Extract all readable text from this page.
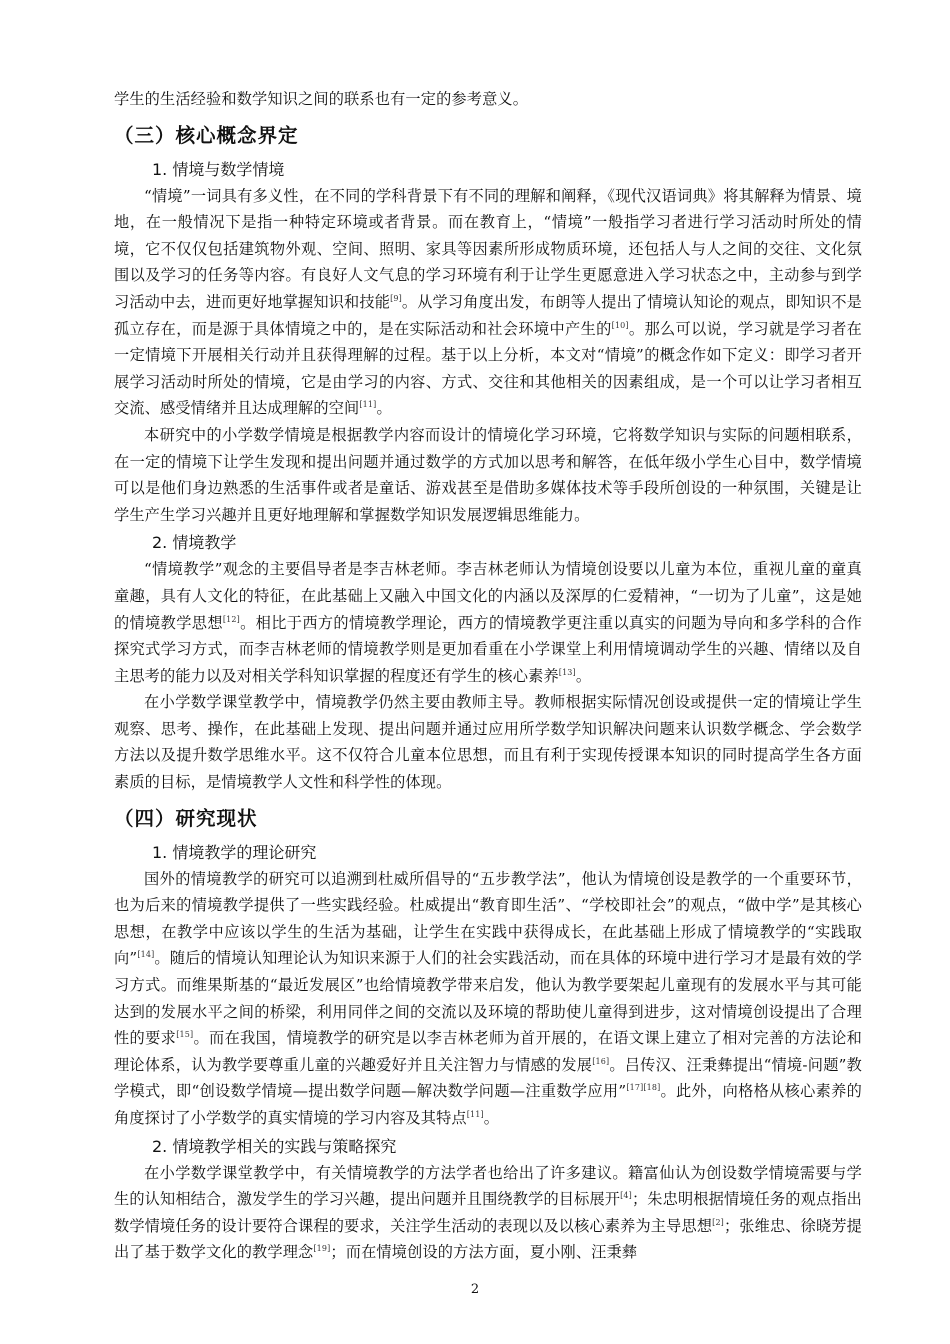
学生的生活经验和数学知识之间的联系也有一定的参考意义。

（三）核心概念界定
1. 情境与数学情境

“情境”一词具有多义性，在不同的学科背景下有不同的理解和阐释，《现代汉语词典》将其解释为情景、境地，在一般情况下是指一种特定环境或者背景。而在教育上，“情境”一般指学习者进行学习活动时所处的情境，它不仅仅包括建筑物外观、空间、照明、家具等因素所形成物质环境，还包括人与人之间的交往、文化氛围以及学习的任务等内容。有良好人文气息的学习环境有利于让学生更愿意进入学习状态之中，主动参与到学习活动中去，进而更好地掌握知识和技能[9]。从学习角度出发，布朗等人提出了情境认知论的观点，即知识不是孤立存在，而是源于具体情境之中的，是在实际活动和社会环境中产生的[10]。那么可以说，学习就是学习者在一定情境下开展相关行动并且获得理解的过程。基于以上分析，本文对“情境”的概念作如下定义：即学习者开展学习活动时所处的情境，它是由学习的内容、方式、交往和其他相关的因素组成，是一个可以让学习者相互交流、感受情绪并且达成理解的空间[11]。

本研究中的小学数学情境是根据教学内容而设计的情境化学习环境，它将数学知识与实际的问题相联系，在一定的情境下让学生发现和提出问题并通过数学的方式加以思考和解答，在低年级小学生心目中，数学情境可以是他们身边熟悉的生活事件或者是童话、游戏甚至是借助多媒体技术等手段所创设的一种氛围，关键是让学生产生学习兴趣并且更好地理解和掌握数学知识发展逻辑思维能力。

2. 情境教学

“情境教学”观念的主要倡导者是李吉林老师。李吉林老师认为情境创设要以儿童为本位，重视儿童的童真童趣，具有人文化的特征，在此基础上又融入中国文化的内涵以及深厚的仁爱精神，“一切为了儿童”，这是她的情境教学思想[12]。相比于西方的情境教学理论，西方的情境教学更注重以真实的问题为导向和多学科的合作探究式学习方式，而李吉林老师的情境教学则是更加看重在小学课堂上利用情境调动学生的兴趣、情绪以及自主思考的能力以及对相关学科知识掌握的程度还有学生的核心素养[13]。

在小学数学课堂教学中，情境教学仍然主要由教师主导。教师根据实际情况创设或提供一定的情境让学生观察、思考、操作，在此基础上发现、提出问题并通过应用所学数学知识解决问题来认识数学概念、学会数学方法以及提升数学思维水平。这不仅符合儿童本位思想，而且有利于实现传授课本知识的同时提高学生各方面素质的目标，是情境教学人文性和科学性的体现。

（四）研究现状
1. 情境教学的理论研究

国外的情境教学的研究可以追溯到杜威所倡导的“五步教学法”，他认为情境创设是教学的一个重要环节，也为后来的情境教学提供了一些实践经验。杜威提出“教育即生活”、“学校即社会”的观点，“做中学”是其核心思想，在教学中应该以学生的生活为基础，让学生在实践中获得成长，在此基础上形成了情境教学的“实践取向”[14]。随后的情境认知理论认为知识来源于人们的社会实践活动，而在具体的环境中进行学习才是最有效的学习方式。而维果斯基的“最近发展区”也给情境教学带来启发，他认为教学要架起儿童现有的发展水平与其可能达到的发展水平之间的桥梁，利用同伴之间的交流以及环境的帮助使儿童得到进步，这对情境创设提出了合理性的要求[15]。而在我国，情境教学的研究是以李吉林老师为首开展的，在语文课上建立了相对完善的方法论和理论体系，认为教学要尊重儿童的兴趣爱好并且关注智力与情感的发展[16]。吕传汉、汪秉彝提出“情境-问题”教学模式，即“创设数学情境—提出数学问题—解决数学问题—注重数学应用”[17][18]。此外，向格格从核心素养的角度探讨了小学数学的真实情境的学习内容及其特点[11]。

2. 情境教学相关的实践与策略探究

在小学数学课堂教学中，有关情境教学的方法学者也给出了许多建议。籍富仙认为创设数学情境需要与学生的认知相结合，激发学生的学习兴趣，提出问题并且围绕教学的目标展开[4]；朱忠明根据情境任务的观点指出数学情境任务的设计要符合课程的要求，关注学生活动的表现以及以核心素养为主导思想[2]；张维忠、徐晓芳提出了基于数学文化的教学理念[19]；而在情境创设的方法方面，夏小刚、汪秉彝

2
